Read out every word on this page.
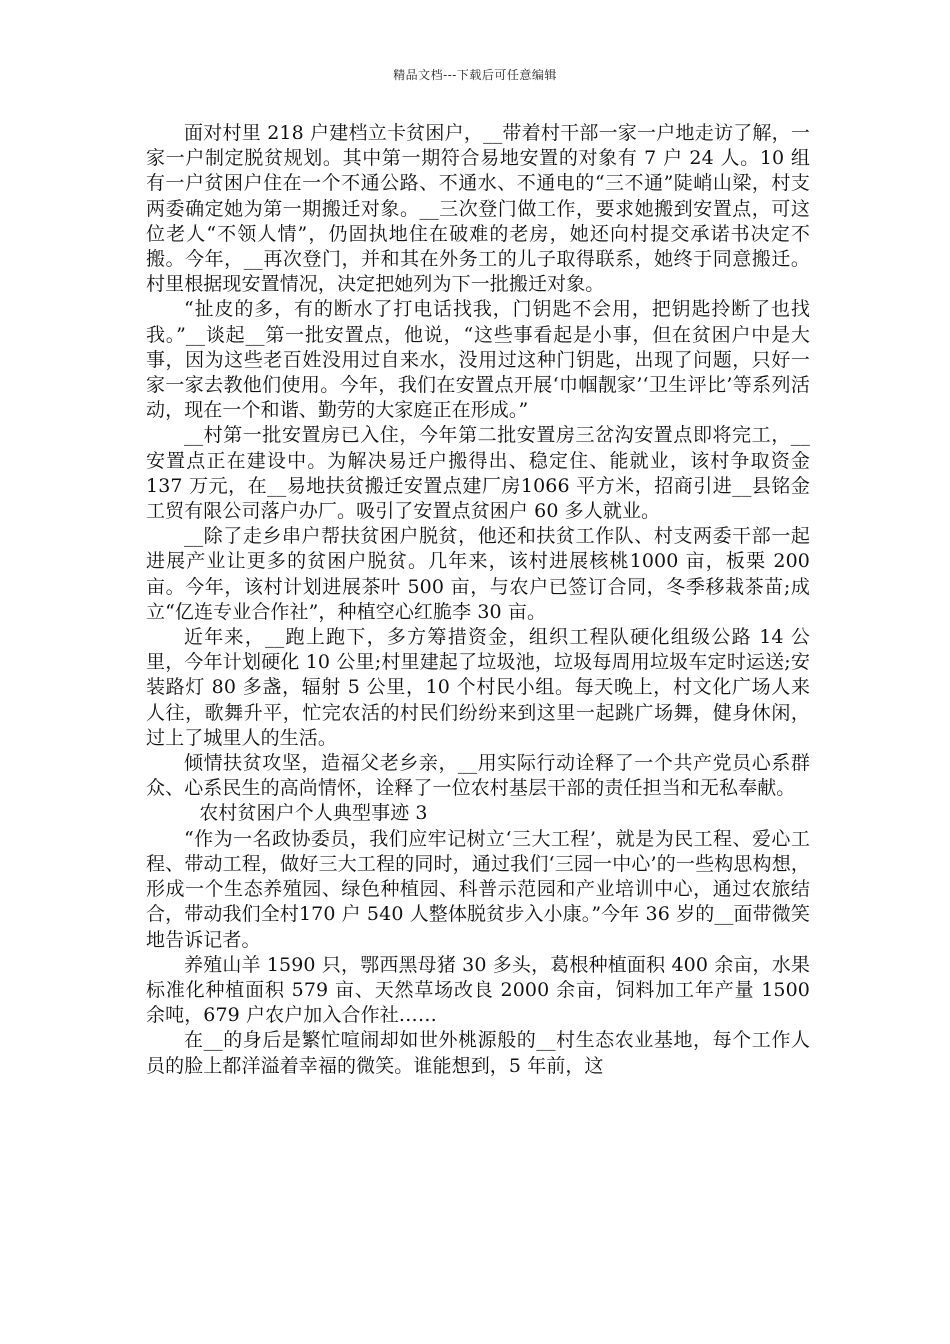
精品文档---下载后可任意编辑

面对村里 218 户建档立卡贫困户，__带着村干部一家一户地走访了解，一家一户制定脱贫规划。其中第一期符合易地安置的对象有 7 户 24 人。10 组有一户贫困户住在一个不通公路、不通水、不通电的“三不通”陡峭山梁，村支两委确定她为第一期搬迁对象。__三次登门做工作，要求她搬到安置点，可这位老人“不领人情”，仍固执地住在破难的老房，她还向村提交承诺书决定不搬。今年，__再次登门，并和其在外务工的儿子取得联系，她终于同意搬迁。村里根据现安置情况，决定把她列为下一批搬迁对象。

“扯皮的多，有的断水了打电话找我，门钥匙不会用，把钥匙拎断了也找我。”__谈起__第一批安置点，他说，“这些事看起是小事，但在贫困户中是大事，因为这些老百姓没用过自来水，没用过这种门钥匙，出现了问题，只好一家一家去教他们使用。今年，我们在安置点开展‘巾帼靓家’‘卫生评比’等系列活动，现在一个和谐、勤劳的大家庭正在形成。”

__村第一批安置房已入住，今年第二批安置房三岔沟安置点即将完工，__安置点正在建设中。为解决易迁户搬得出、稳定住、能就业，该村争取资金 137 万元，在__易地扶贫搬迁安置点建厂房1066 平方米，招商引进__县铭金工贸有限公司落户办厂。吸引了安置点贫困户 60 多人就业。

__除了走乡串户帮扶贫困户脱贫，他还和扶贫工作队、村支两委干部一起进展产业让更多的贫困户脱贫。几年来，该村进展核桃1000 亩，板栗 200 亩。今年，该村计划进展茶叶 500 亩，与农户已签订合同，冬季移栽茶苗;成立“亿连专业合作社”，种植空心红脆李 30 亩。

近年来，__跑上跑下，多方筹措资金，组织工程队硬化组级公路 14 公里，今年计划硬化 10 公里;村里建起了垃圾池，垃圾每周用垃圾车定时运送;安装路灯 80 多盏，辐射 5 公里，10 个村民小组。每天晚上，村文化广场人来人往，歌舞升平，忙完农活的村民们纷纷来到这里一起跳广场舞，健身休闲，过上了城里人的生活。

倾情扶贫攻坚，造福父老乡亲，__用实际行动诠释了一个共产党员心系群众、心系民生的高尚情怀，诠释了一位农村基层干部的责任担当和无私奉献。

农村贫困户个人典型事迹 3

“作为一名政协委员，我们应牢记树立‘三大工程’，就是为民工程、爱心工程、带动工程，做好三大工程的同时，通过我们‘三园一中心’的一些构思构想，形成一个生态养殖园、绿色种植园、科普示范园和产业培训中心，通过农旅结合，带动我们全村170 户 540 人整体脱贫步入小康。”今年 36 岁的__面带微笑地告诉记者。

养殖山羊 1590 只，鄂西黑母猪 30 多头，葛根种植面积 400 余亩，水果标准化种植面积 579 亩、天然草场改良 2000 余亩，饲料加工年产量 1500 余吨，679 户农户加入合作社……

在__的身后是繁忙喧闹却如世外桃源般的__村生态农业基地，每个工作人员的脸上都洋溢着幸福的微笑。谁能想到，5 年前，这
